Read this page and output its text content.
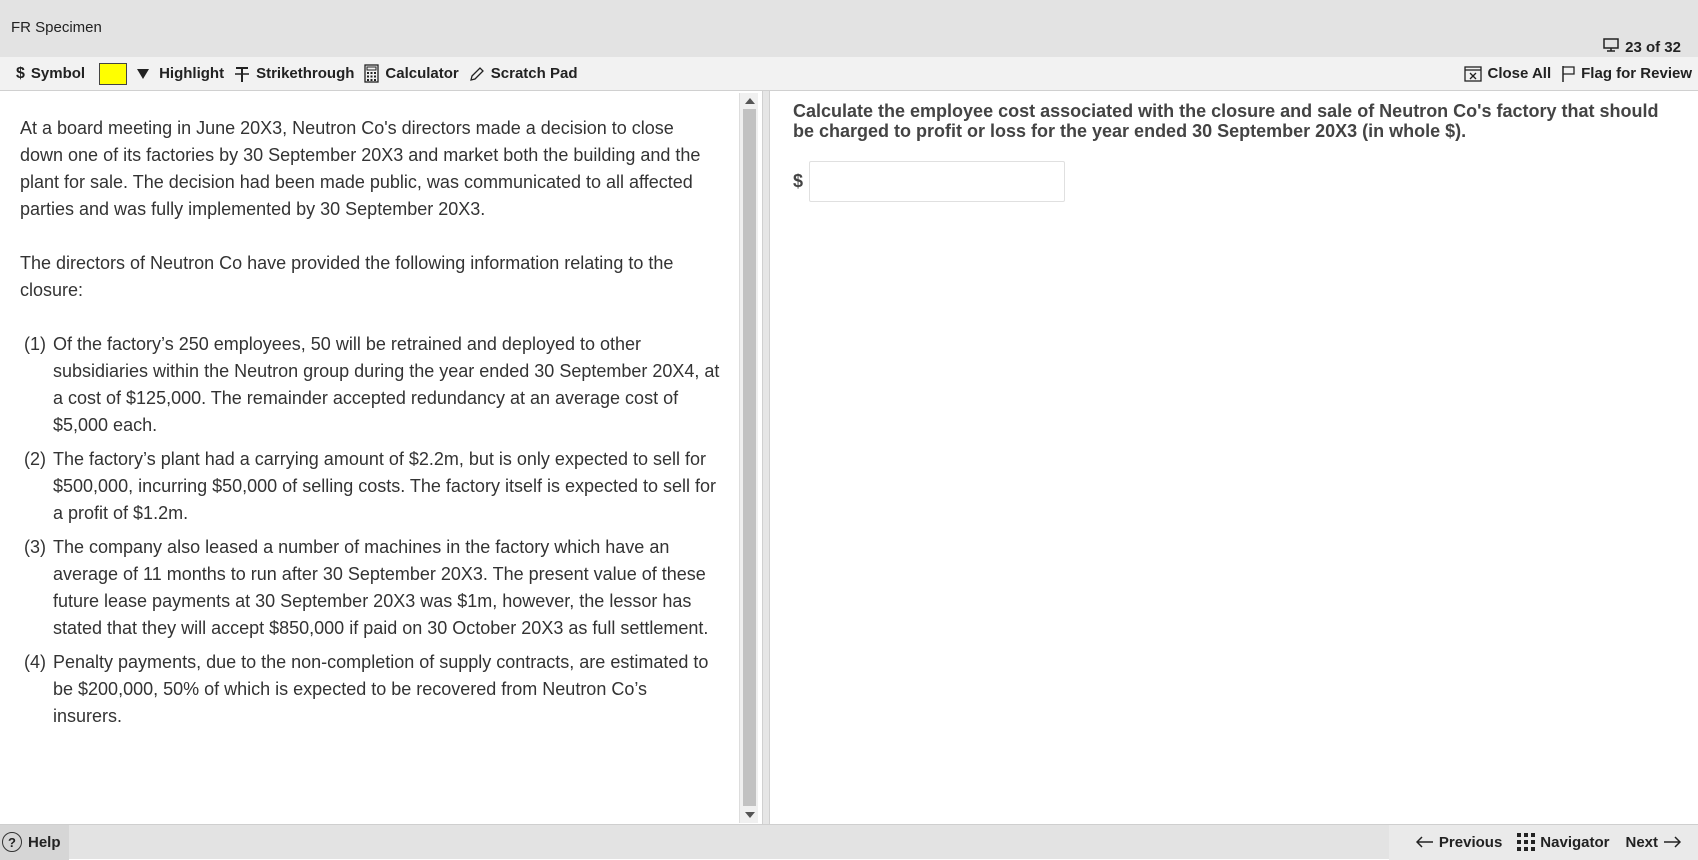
FR Specimen
23 of 32
$ Symbol	Highlight Strikethrough Calculator Scratch Pad	Close All Flag for Review

At a board meeting in June 20X3, Neutron Co's directors made a decision to close down one of its factories by 30 September 20X3 and market both the building and the plant for sale. The decision had been made public, was communicated to all affected parties and was fully implemented by 30 September 20X3.

The directors of Neutron Co have provided the following information relating to the closure:

(1) Of the factory’s 250 employees, 50 will be retrained and deployed to other subsidiaries within the Neutron group during the year ended 30 September 20X4, at a cost of $125,000. The remainder accepted redundancy at an average cost of $5,000 each.
(2) The factory’s plant had a carrying amount of $2.2m, but is only expected to sell for $500,000, incurring $50,000 of selling costs. The factory itself is expected to sell for a profit of $1.2m.
(3) The company also leased a number of machines in the factory which have an average of 11 months to run after 30 September 20X3. The present value of these future lease payments at 30 September 20X3 was $1m, however, the lessor has stated that they will accept $850,000 if paid on 30 October 20X3 as full settlement.
(4) Penalty payments, due to the non-completion of supply contracts, are estimated to be $200,000, 50% of which is expected to be recovered from Neutron Co’s insurers.
Calculate the employee cost associated with the closure and sale of Neutron Co's factory that should be charged to profit or loss for the year ended 30 September 20X3 (in whole $).
$
? Help	Previous	Navigator Next
